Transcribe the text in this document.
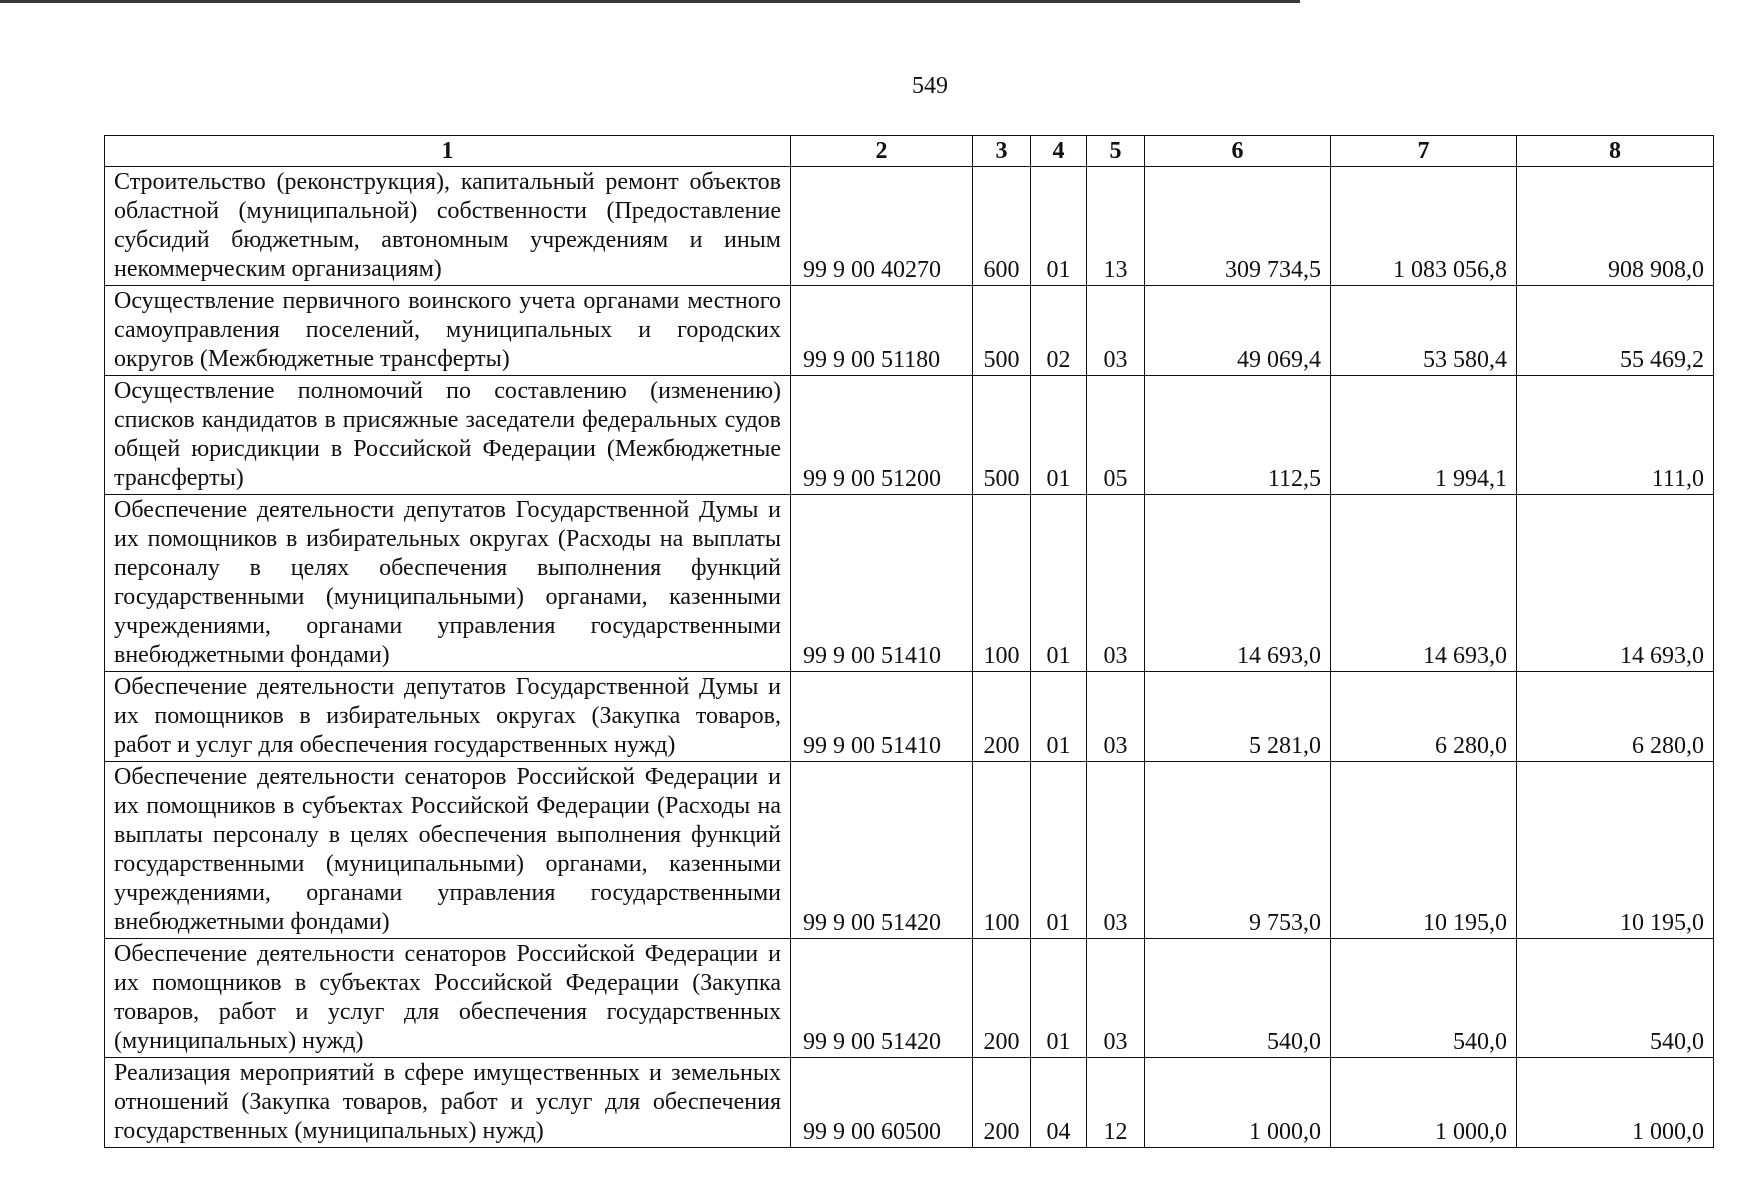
549
1	2	3	4	5	6	7	8
Строительство (реконструкция), капитальный ремонт объектов областной (муниципальной) собственности (Предоставление субсидий бюджетным, автономным учреждениям и иным некоммерческим организациям)	99 9 00 40270	600	01	13	309 734,5	1 083 056,8	908 908,0
Осуществление первичного воинского учета органами местного самоуправления поселений, муниципальных и городских округов (Межбюджетные трансферты)	99 9 00 51180	500	02	03	49 069,4	53 580,4	55 469,2
Осуществление полномочий по составлению (изменению) списков кандидатов в присяжные заседатели федеральных судов общей юрисдикции в Российской Федерации (Межбюджетные трансферты)	99 9 00 51200	500	01	05	112,5	1 994,1	111,0
Обеспечение деятельности депутатов Государственной Думы и их помощников в избирательных округах (Расходы на выплаты персоналу в целях обеспечения выполнения функций государственными (муниципальными) органами, казенными учреждениями, органами управления государственными внебюджетными фондами)	99 9 00 51410	100	01	03	14 693,0	14 693,0	14 693,0
Обеспечение деятельности депутатов Государственной Думы и их помощников в избирательных округах (Закупка товаров, работ и услуг для обеспечения государственных нужд)	99 9 00 51410	200	01	03	5 281,0	6 280,0	6 280,0
Обеспечение деятельности сенаторов Российской Федерации и их помощников в субъектах Российской Федерации (Расходы на выплаты персоналу в целях обеспечения выполнения функций государственными (муниципальными) органами, казенными учреждениями, органами управления государственными внебюджетными фондами)	99 9 00 51420	100	01	03	9 753,0	10 195,0	10 195,0
Обеспечение деятельности сенаторов Российской Федерации и их помощников в субъектах Российской Федерации (Закупка товаров, работ и услуг для обеспечения государственных (муниципальных) нужд)	99 9 00 51420	200	01	03	540,0	540,0	540,0
Реализация мероприятий в сфере имущественных и земельных отношений (Закупка товаров, работ и услуг для обеспечения государственных (муниципальных) нужд)	99 9 00 60500	200	04	12	1 000,0	1 000,0	1 000,0
